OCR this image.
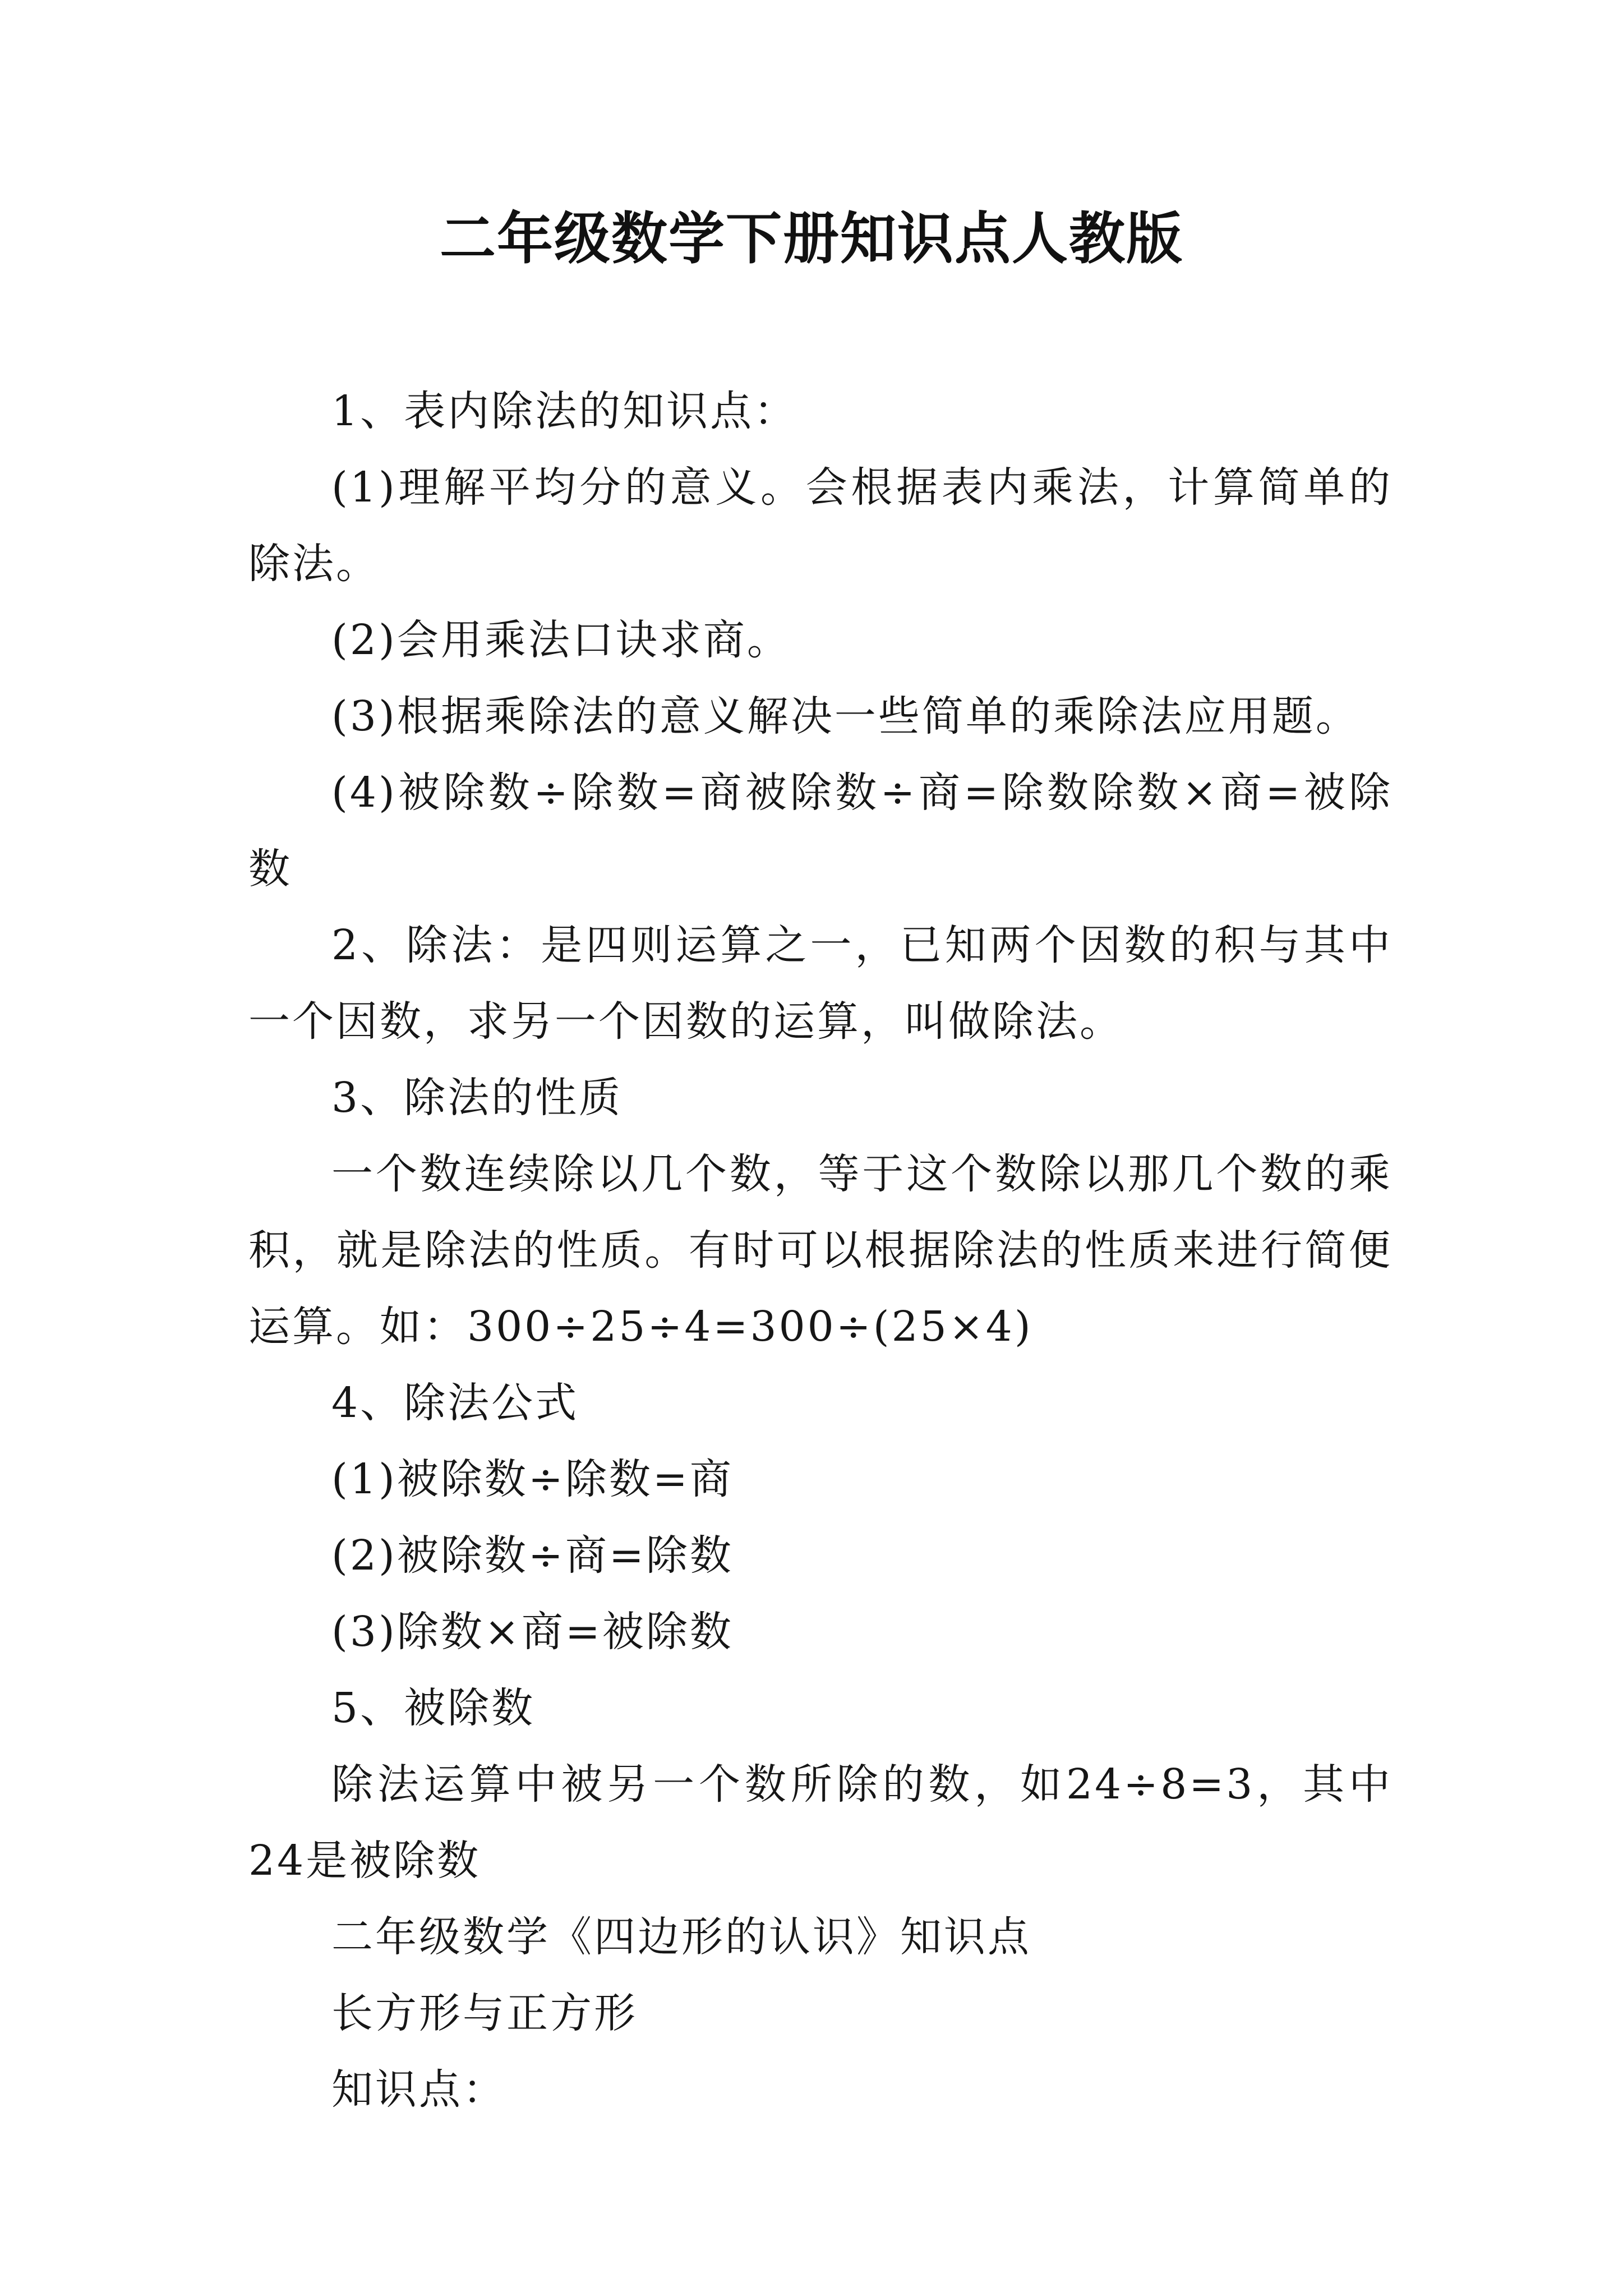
二年级数学下册知识点人教版

1、表内除法的知识点：

(1)理解平均分的意义。会根据表内乘法，计算简单的除法。

(2)会用乘法口诀求商。

(3)根据乘除法的意义解决一些简单的乘除法应用题。

(4)被除数÷除数=商被除数÷商=除数除数×商=被除数

2、除法：是四则运算之一，已知两个因数的积与其中一个因数，求另一个因数的运算，叫做除法。

3、除法的性质

一个数连续除以几个数，等于这个数除以那几个数的乘积，就是除法的性质。有时可以根据除法的性质来进行简便运算。如：300÷25÷4=300÷(25×4)

4、除法公式

(1)被除数÷除数=商

(2)被除数÷商=除数

(3)除数×商=被除数

5、被除数

除法运算中被另一个数所除的数，如24÷8=3，其中24是被除数

二年级数学《四边形的认识》知识点

长方形与正方形

知识点：
